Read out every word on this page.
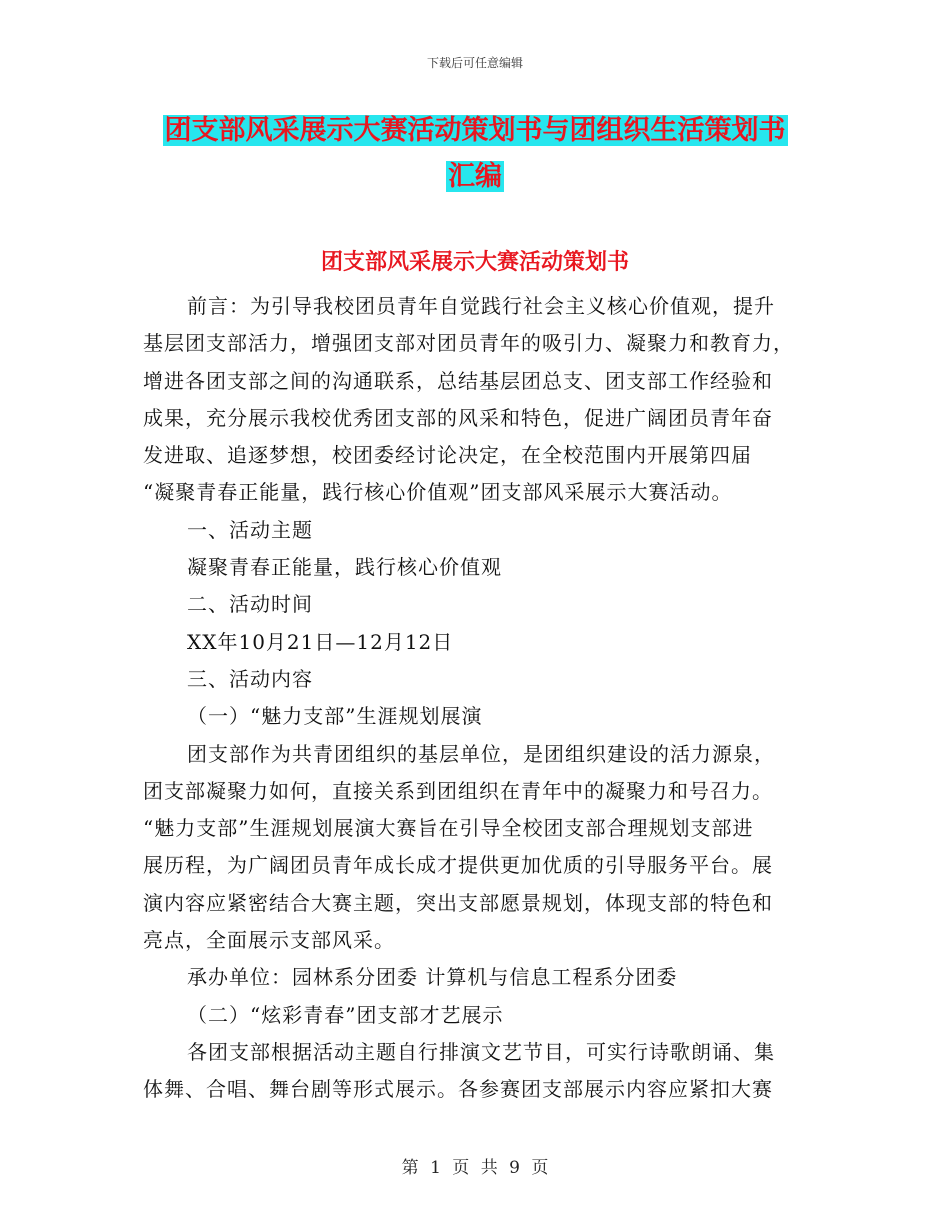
下载后可任意编辑
团支部风采展示大赛活动策划书与团组织生活策划书
汇编
团支部风采展示大赛活动策划书
前言：为引导我校团员青年自觉践行社会主义核心价值观，提升
基层团支部活力，增强团支部对团员青年的吸引力、凝聚力和教育力，
增进各团支部之间的沟通联系，总结基层团总支、团支部工作经验和
成果，充分展示我校优秀团支部的风采和特色，促进广阔团员青年奋
发进取、追逐梦想，校团委经讨论决定，在全校范围内开展第四届
“凝聚青春正能量，践行核心价值观”团支部风采展示大赛活动。
一、活动主题
凝聚青春正能量，践行核心价值观
二、活动时间
XX年10月21日—12月12日
三、活动内容
（一）“魅力支部”生涯规划展演
团支部作为共青团组织的基层单位，是团组织建设的活力源泉，
团支部凝聚力如何，直接关系到团组织在青年中的凝聚力和号召力。
“魅力支部”生涯规划展演大赛旨在引导全校团支部合理规划支部进
展历程，为广阔团员青年成长成才提供更加优质的引导服务平台。展
演内容应紧密结合大赛主题，突出支部愿景规划，体现支部的特色和
亮点，全面展示支部风采。
承办单位：园林系分团委 计算机与信息工程系分团委
（二）“炫彩青春”团支部才艺展示
各团支部根据活动主题自行排演文艺节目，可实行诗歌朗诵、集
体舞、合唱、舞台剧等形式展示。各参赛团支部展示内容应紧扣大赛
第 1 页 共 9 页
